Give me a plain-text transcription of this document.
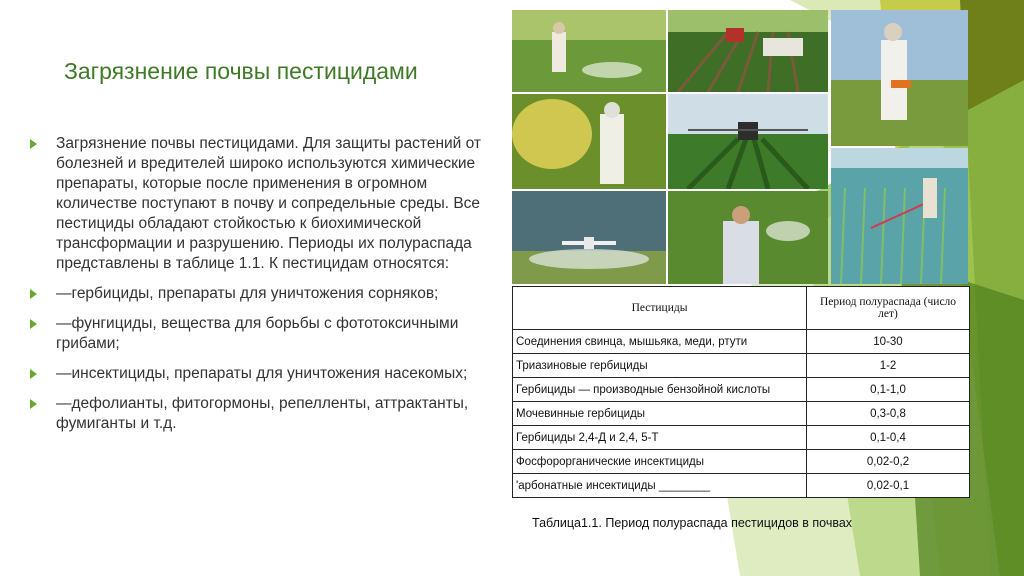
Загрязнение почвы пестицидами
Загрязнение почвы пестицидами. Для защиты растений от болезней и вредителей широко используются химические препараты, которые после применения в огромном количестве поступают в почву и сопредельные среды. Все пестициды обладают стойкостью к биохимической трансформации и разрушению. Периоды их полураспада представлены в таблице 1.1. К пестицидам относятся:
—гербициды, препараты для уничтожения сорняков;
—фунгициды, вещества для борьбы с фототоксичными грибами;
—инсектициды, препараты для уничтожения насекомых;
—дефолианты, фитогормоны, репелленты, аттрактанты, фумиганты и т.д.
Пестициды	Период полураспада (число лет)
Соединения свинца, мышьяка, меди, ртути	10-30
Триазиновые гербициды	1-2
Гербициды — производные бензойной кислоты	0,1-1,0
Мочевинные гербициды	0,3-0,8
Гербициды 2,4-Д и 2,4, 5-Т	0,1-0,4
Фосфорорганические инсектициды	0,02-0,2
'арбонатные инсектициды ________	0,02-0,1
Таблица1.1. Период полураспада пестицидов в почвах
